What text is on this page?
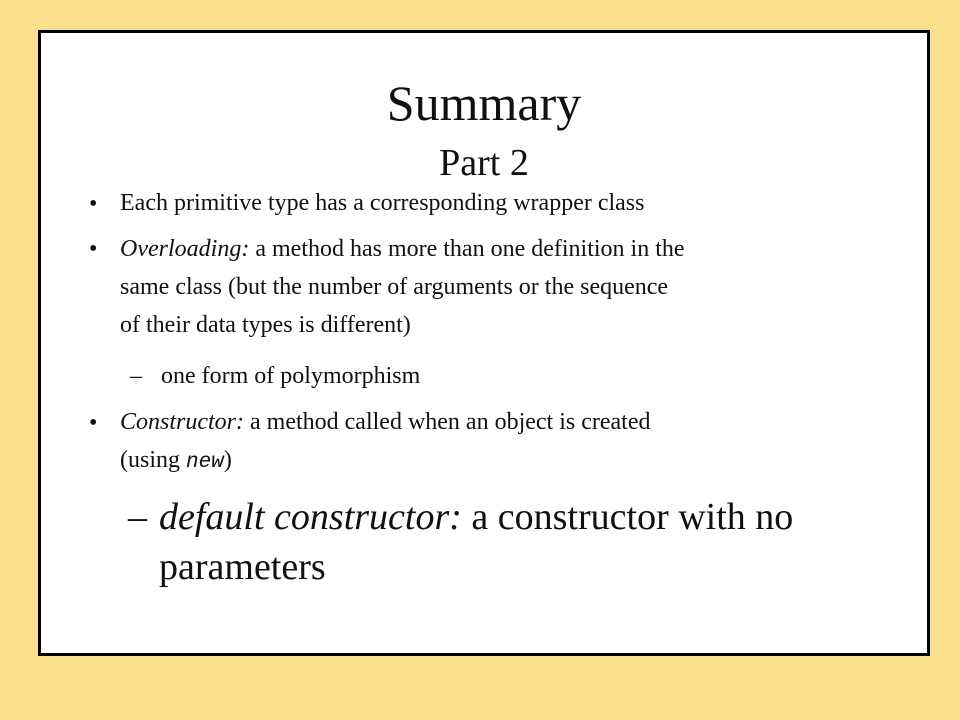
Summary
Part 2
• Each primitive type has a corresponding wrapper class
• Overloading: a method has more than one definition in the
same class (but the number of arguments or the sequence
of their data types is different)
– one form of polymorphism
• Constructor: a method called when an object is created
(using new)
– default constructor: a constructor with no
parameters
